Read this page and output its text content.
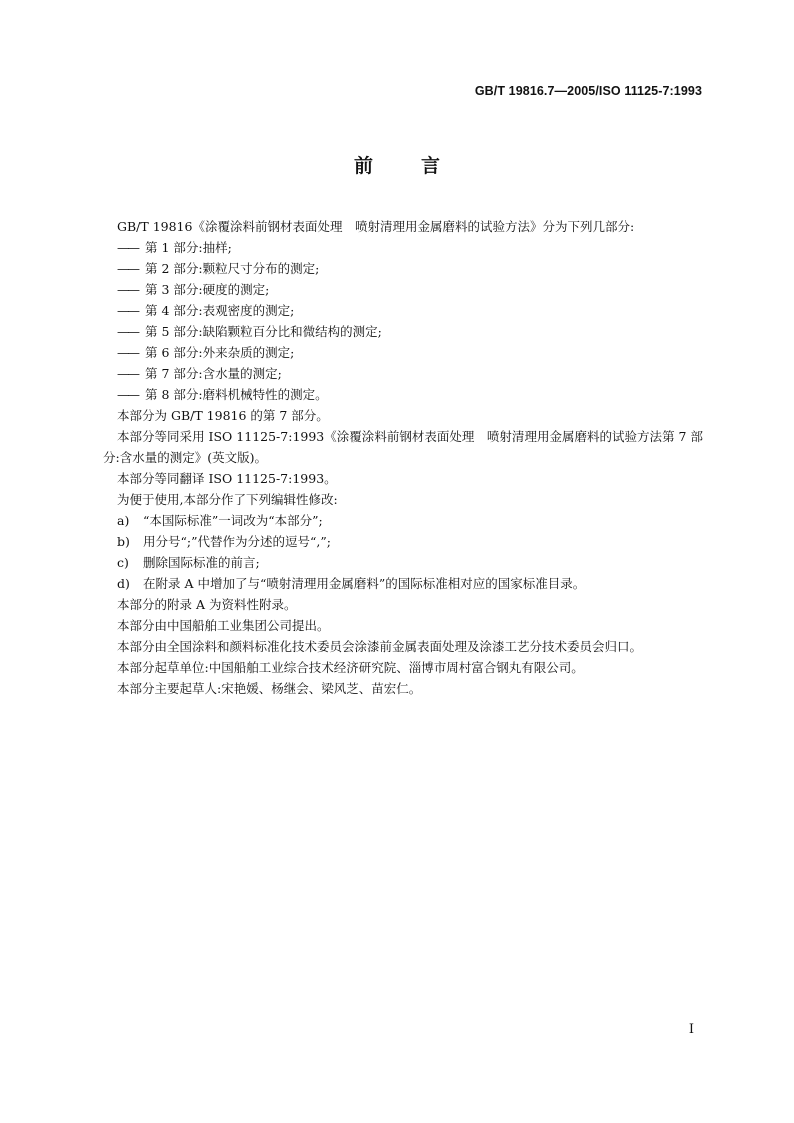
GB/T 19816.7—2005/ISO 11125-7:1993
前言

GB/T 19816《涂覆涂料前钢材表面处理　喷射清理用金属磨料的试验方法》分为下列几部分:

—— 第 1 部分:抽样;

—— 第 2 部分:颗粒尺寸分布的测定;

—— 第 3 部分:硬度的测定;

—— 第 4 部分:表观密度的测定;

—— 第 5 部分:缺陷颗粒百分比和微结构的测定;

—— 第 6 部分:外来杂质的测定;

—— 第 7 部分:含水量的测定;

—— 第 8 部分:磨料机械特性的测定。

本部分为 GB/T 19816 的第 7 部分。

本部分等同采用 ISO 11125-7:1993《涂覆涂料前钢材表面处理　喷射清理用金属磨料的试验方法第 7 部分:含水量的测定》(英文版)。

本部分等同翻译 ISO 11125-7:1993。

为便于使用,本部分作了下列编辑性修改:

a) “本国际标准”一词改为“本部分”;

b) 用分号“;”代替作为分述的逗号“,”;

c) 删除国际标准的前言;

d) 在附录 A 中增加了与“喷射清理用金属磨料”的国际标准相对应的国家标准目录。

本部分的附录 A 为资料性附录。

本部分由中国船舶工业集团公司提出。

本部分由全国涂料和颜料标准化技术委员会涂漆前金属表面处理及涂漆工艺分技术委员会归口。

本部分起草单位:中国船舶工业综合技术经济研究院、淄博市周村富合钢丸有限公司。

本部分主要起草人:宋艳媛、杨继会、梁风芝、苗宏仁。

I
